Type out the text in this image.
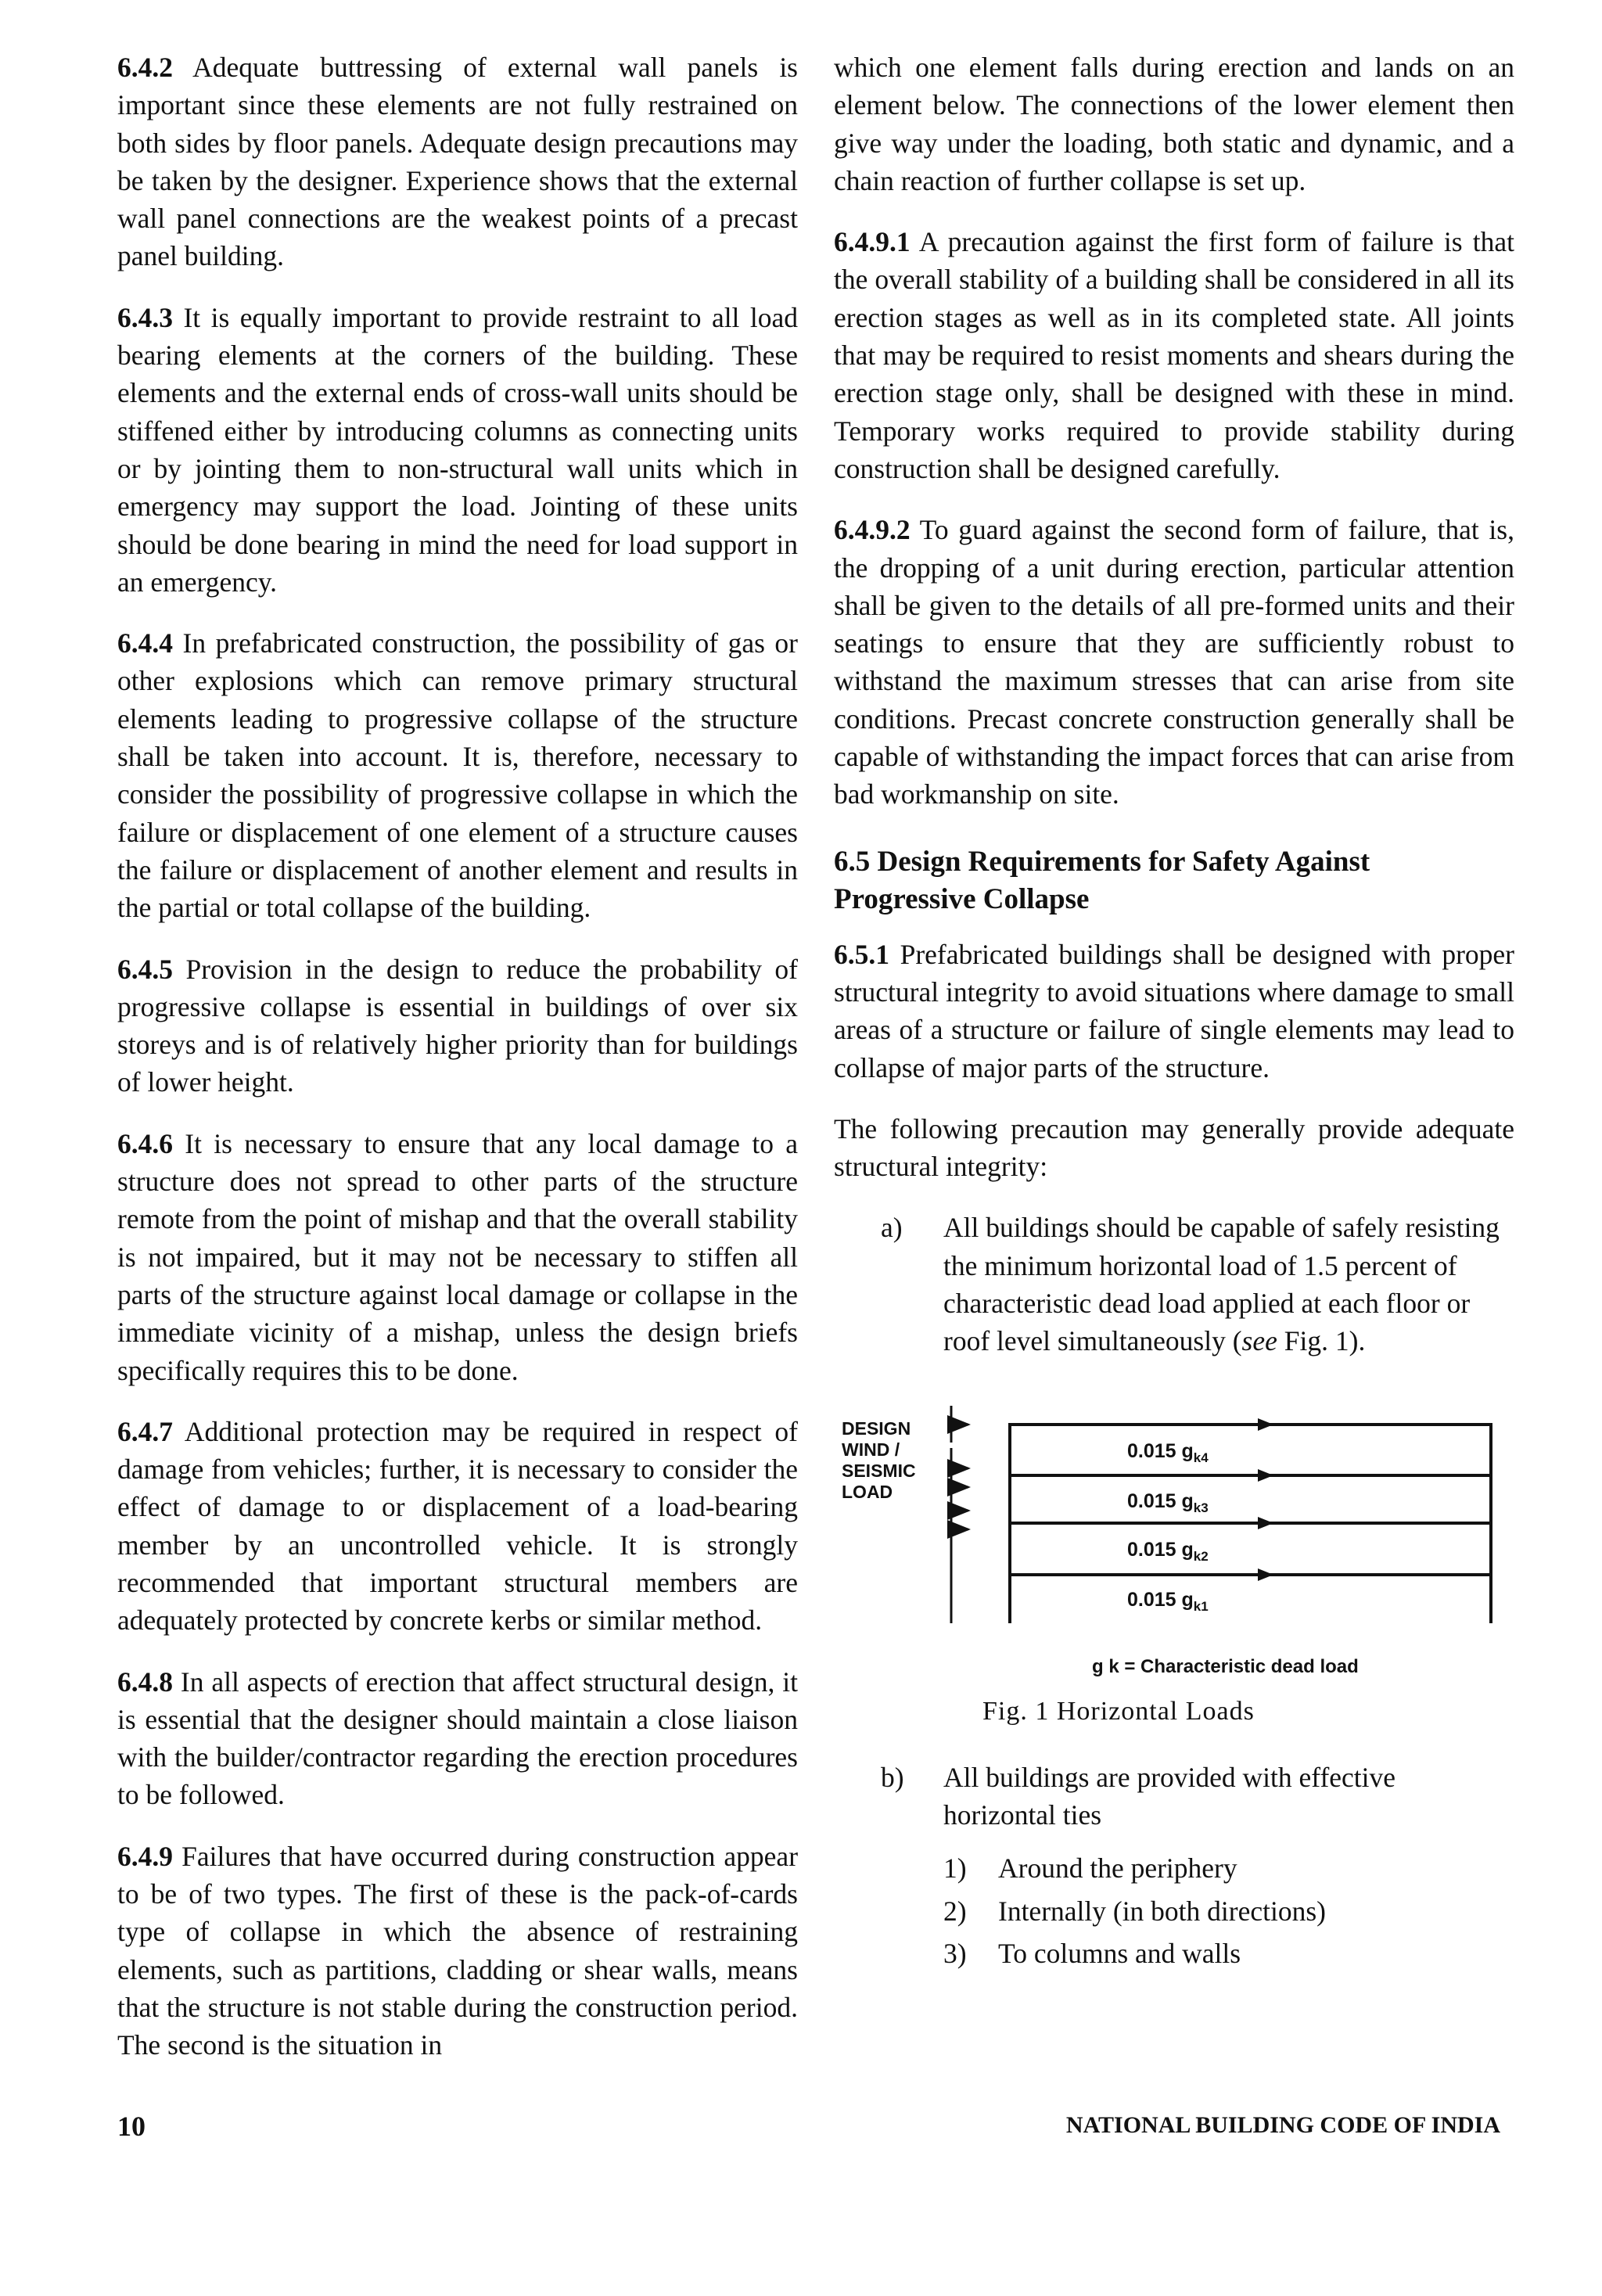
6.4.2 Adequate buttressing of external wall panels is important since these elements are not fully restrained on both sides by floor panels. Adequate design precautions may be taken by the designer. Experience shows that the external wall panel connections are the weakest points of a precast panel building.

6.4.3 It is equally important to provide restraint to all load bearing elements at the corners of the building. These elements and the external ends of cross-wall units should be stiffened either by introducing columns as connecting units or by jointing them to non-structural wall units which in emergency may support the load. Jointing of these units should be done bearing in mind the need for load support in an emergency.

6.4.4 In prefabricated construction, the possibility of gas or other explosions which can remove primary structural elements leading to progressive collapse of the structure shall be taken into account. It is, therefore, necessary to consider the possibility of progressive collapse in which the failure or displacement of one element of a structure causes the failure or displacement of another element and results in the partial or total collapse of the building.

6.4.5 Provision in the design to reduce the probability of progressive collapse is essential in buildings of over six storeys and is of relatively higher priority than for buildings of lower height.

6.4.6 It is necessary to ensure that any local damage to a structure does not spread to other parts of the structure remote from the point of mishap and that the overall stability is not impaired, but it may not be necessary to stiffen all parts of the structure against local damage or collapse in the immediate vicinity of a mishap, unless the design briefs specifically requires this to be done.

6.4.7 Additional protection may be required in respect of damage from vehicles; further, it is necessary to consider the effect of damage to or displacement of a load-bearing member by an uncontrolled vehicle. It is strongly recommended that important structural members are adequately protected by concrete kerbs or similar method.

6.4.8 In all aspects of erection that affect structural design, it is essential that the designer should maintain a close liaison with the builder/contractor regarding the erection procedures to be followed.

6.4.9 Failures that have occurred during construction appear to be of two types. The first of these is the pack-of-cards type of collapse in which the absence of restraining elements, such as partitions, cladding or shear walls, means that the structure is not stable during the construction period. The second is the situation in

which one element falls during erection and lands on an element below. The connections of the lower element then give way under the loading, both static and dynamic, and a chain reaction of further collapse is set up.

6.4.9.1 A precaution against the first form of failure is that the overall stability of a building shall be considered in all its erection stages as well as in its completed state. All joints that may be required to resist moments and shears during the erection stage only, shall be designed with these in mind. Temporary works required to provide stability during construction shall be designed carefully.

6.4.9.2 To guard against the second form of failure, that is, the dropping of a unit during erection, particular attention shall be given to the details of all pre-formed units and their seatings to ensure that they are sufficiently robust to withstand the maximum stresses that can arise from site conditions. Precast concrete construction generally shall be capable of withstanding the impact forces that can arise from bad workmanship on site.

6.5 Design Requirements for Safety Against Progressive Collapse

6.5.1 Prefabricated buildings shall be designed with proper structural integrity to avoid situations where damage to small areas of a structure or failure of single elements may lead to collapse of major parts of the structure.

The following precaution may generally provide adequate structural integrity:

a)	All buildings should be capable of safely resisting the minimum horizontal load of 1.5 percent of characteristic dead load applied at each floor or roof level simultaneously (see Fig. 1).
DESIGN
WIND /
SEISMIC
LOAD
0.015 $g_{k4}$
0.015 $g_{k3}$
0.015 $g_{k2}$
0.015 $g_{k1}$
g k = Characteristic dead load
Fig. 1 Horizontal Loads
b)	All buildings are provided with effective horizontal ties
1)	Around the periphery
2)	Internally (in both directions)
3)	To columns and walls
10	NATIONAL BUILDING CODE OF INDIA
